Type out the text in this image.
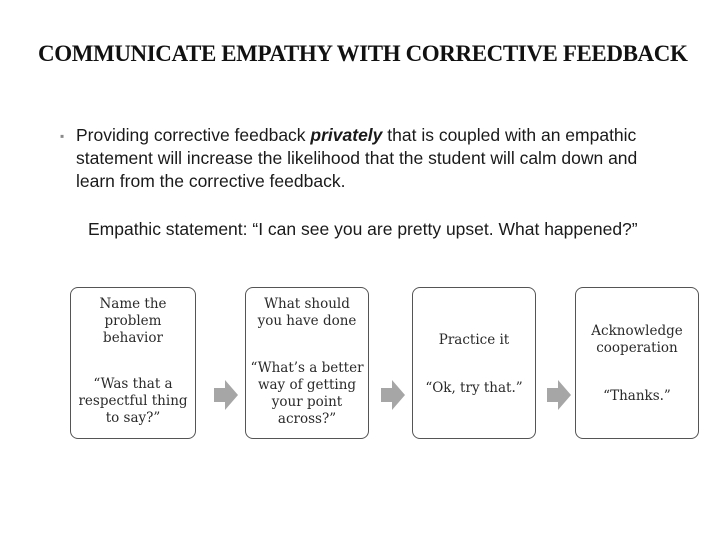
COMMUNICATE EMPATHY WITH CORRECTIVE FEEDBACK
▪ Providing corrective feedback privately that is coupled with an empathic statement will increase the likelihood that the student will calm down and learn from the corrective feedback.
Empathic statement: “I can see you are pretty upset. What happened?”
Name the problem behavior
“Was that a respectful thing to say?”
What should you have done
“What’s a better way of getting your point across?”
Practice it
“Ok, try that.”
Acknowledge cooperation
“Thanks.”
